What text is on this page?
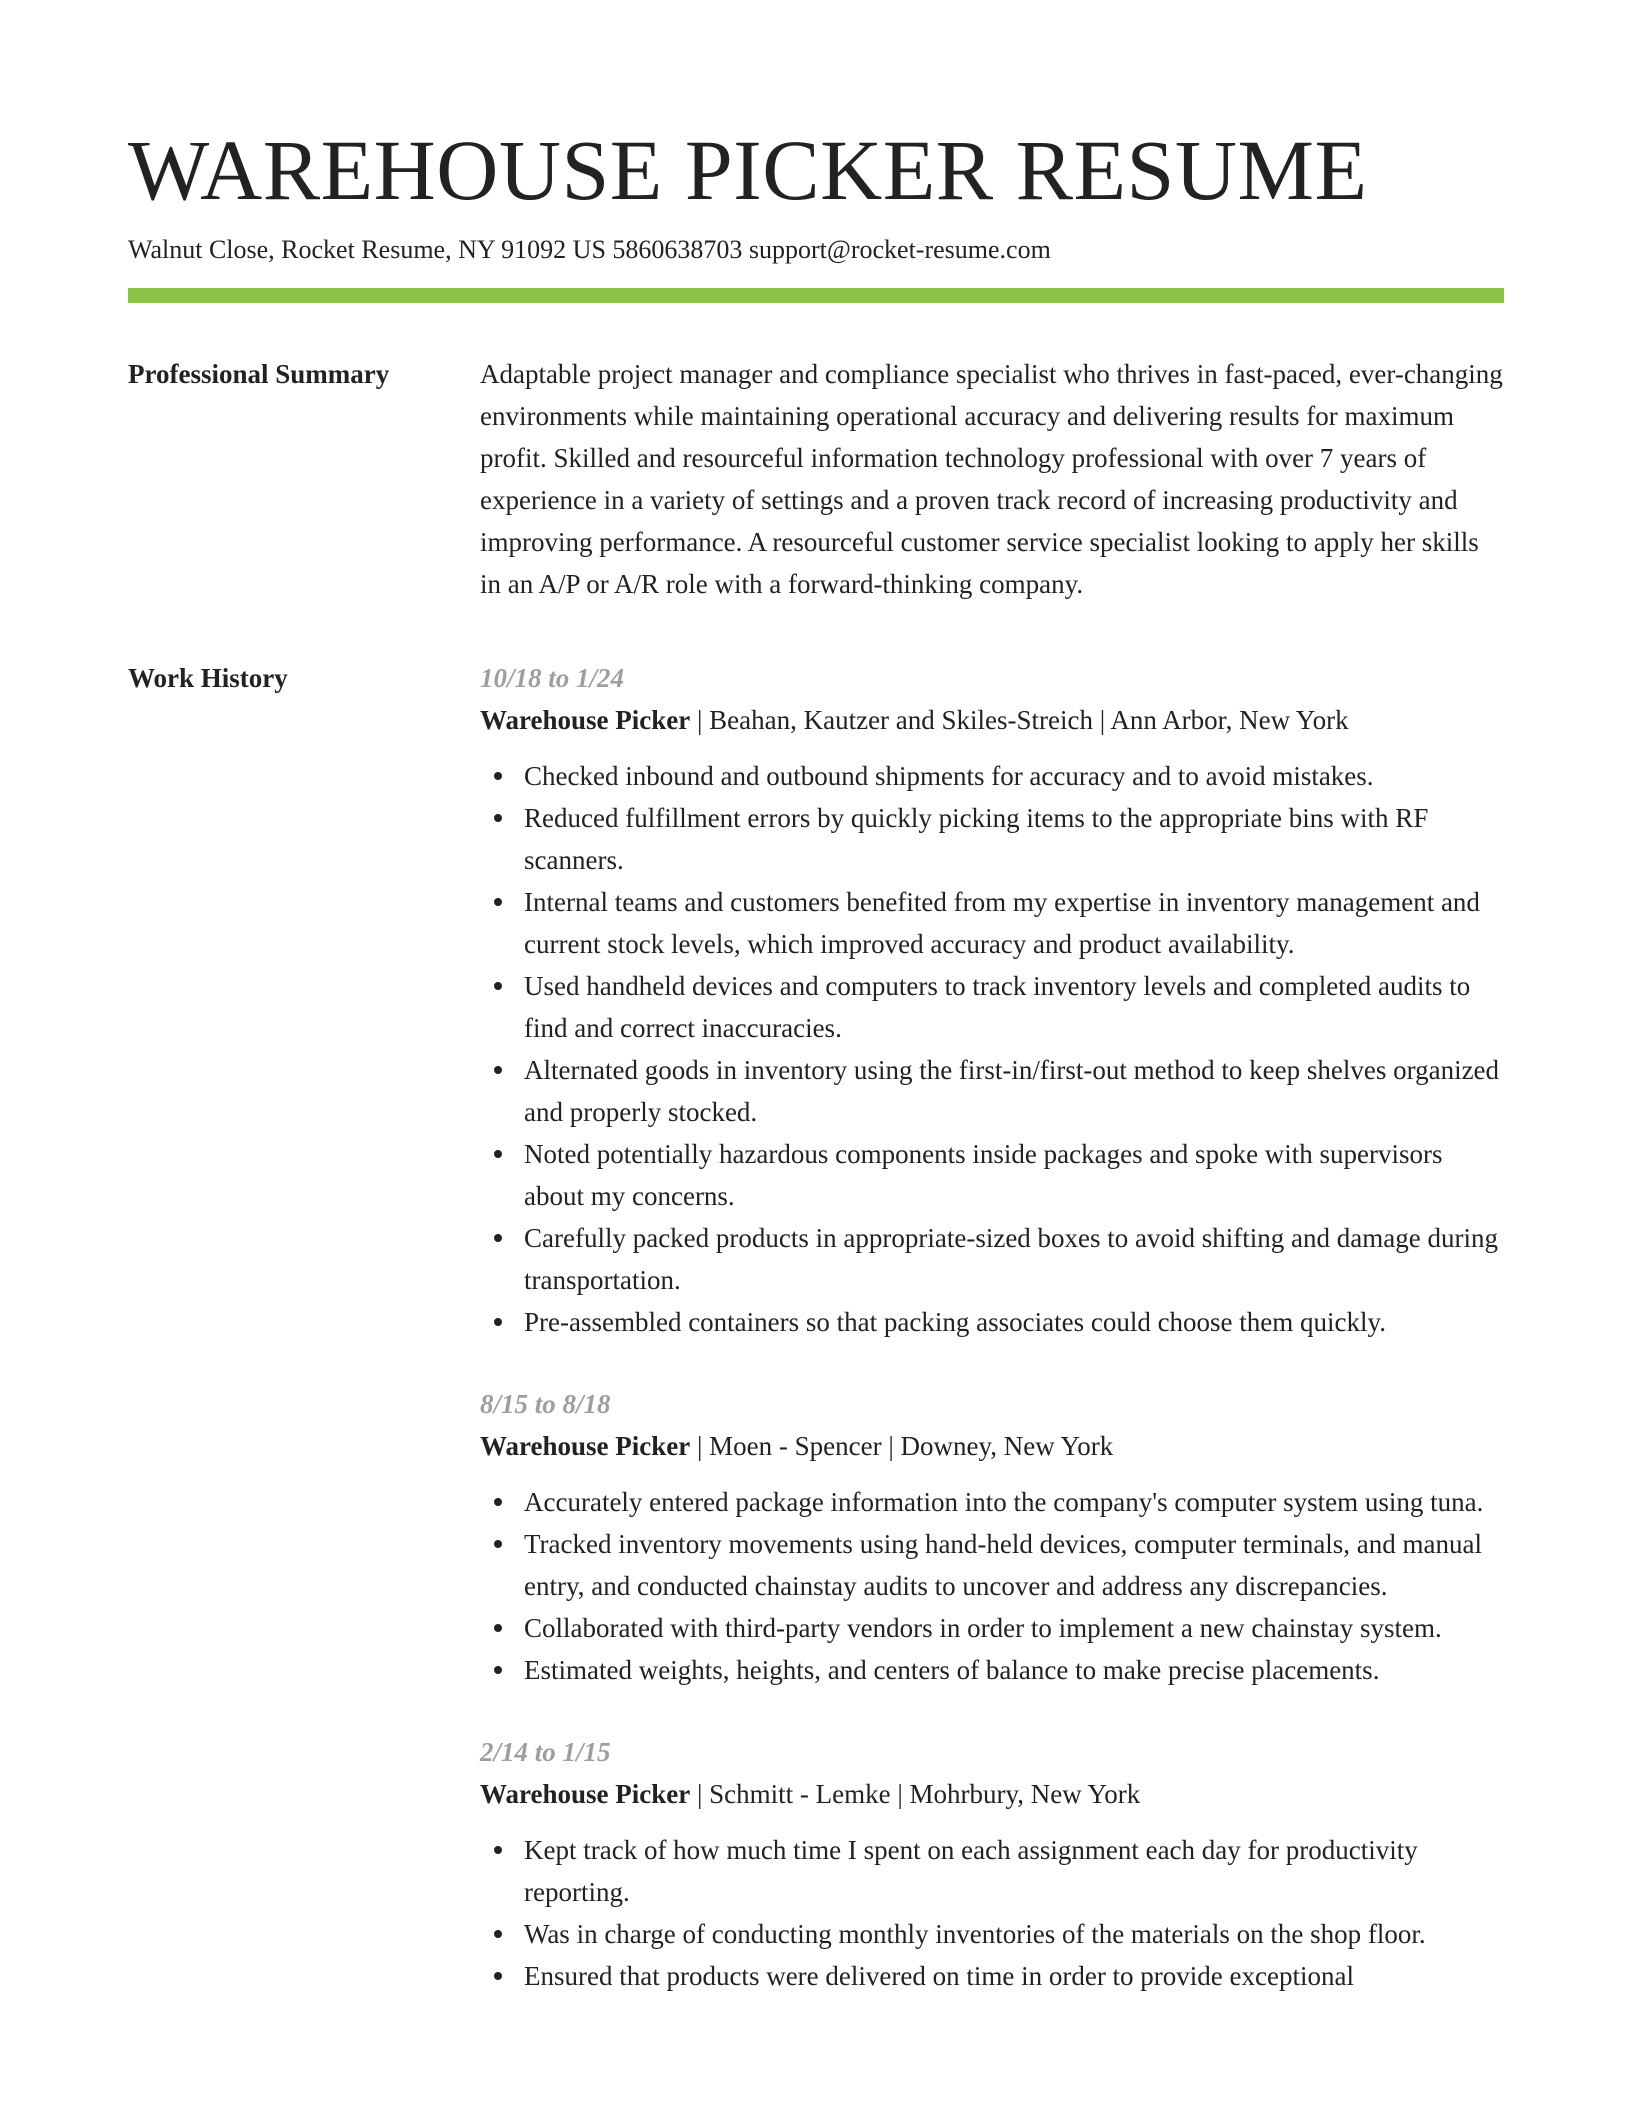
WAREHOUSE PICKER RESUME
Walnut Close, Rocket Resume, NY 91092 US 5860638703 support@rocket-resume.com
Professional Summary	Adaptable project manager and compliance specialist who thrives in fast-paced, ever-changing environments while maintaining operational accuracy and delivering results for maximum profit. Skilled and resourceful information technology professional with over 7 years of experience in a variety of settings and a proven track record of increasing productivity and improving performance. A resourceful customer service specialist looking to apply her skills in an A/P or A/R role with a forward-thinking company.

Work History	10/18 to 1/24
Warehouse Picker | Beahan, Kautzer and Skiles-Streich | Ann Arbor, New York
Checked inbound and outbound shipments for accuracy and to avoid mistakes.
Reduced fulfillment errors by quickly picking items to the appropriate bins with RF scanners.
Internal teams and customers benefited from my expertise in inventory management and current stock levels, which improved accuracy and product availability.
Used handheld devices and computers to track inventory levels and completed audits to find and correct inaccuracies.
Alternated goods in inventory using the first-in/first-out method to keep shelves organized and properly stocked.
Noted potentially hazardous components inside packages and spoke with supervisors about my concerns.
Carefully packed products in appropriate-sized boxes to avoid shifting and damage during transportation.
Pre-assembled containers so that packing associates could choose them quickly.
8/15 to 8/18
Warehouse Picker | Moen - Spencer | Downey, New York
Accurately entered package information into the company's computer system using tuna.
Tracked inventory movements using hand-held devices, computer terminals, and manual entry, and conducted chainstay audits to uncover and address any discrepancies.
Collaborated with third-party vendors in order to implement a new chainstay system.
Estimated weights, heights, and centers of balance to make precise placements.
2/14 to 1/15
Warehouse Picker | Schmitt - Lemke | Mohrbury, New York
Kept track of how much time I spent on each assignment each day for productivity reporting.
Was in charge of conducting monthly inventories of the materials on the shop floor.
Ensured that products were delivered on time in order to provide exceptional
